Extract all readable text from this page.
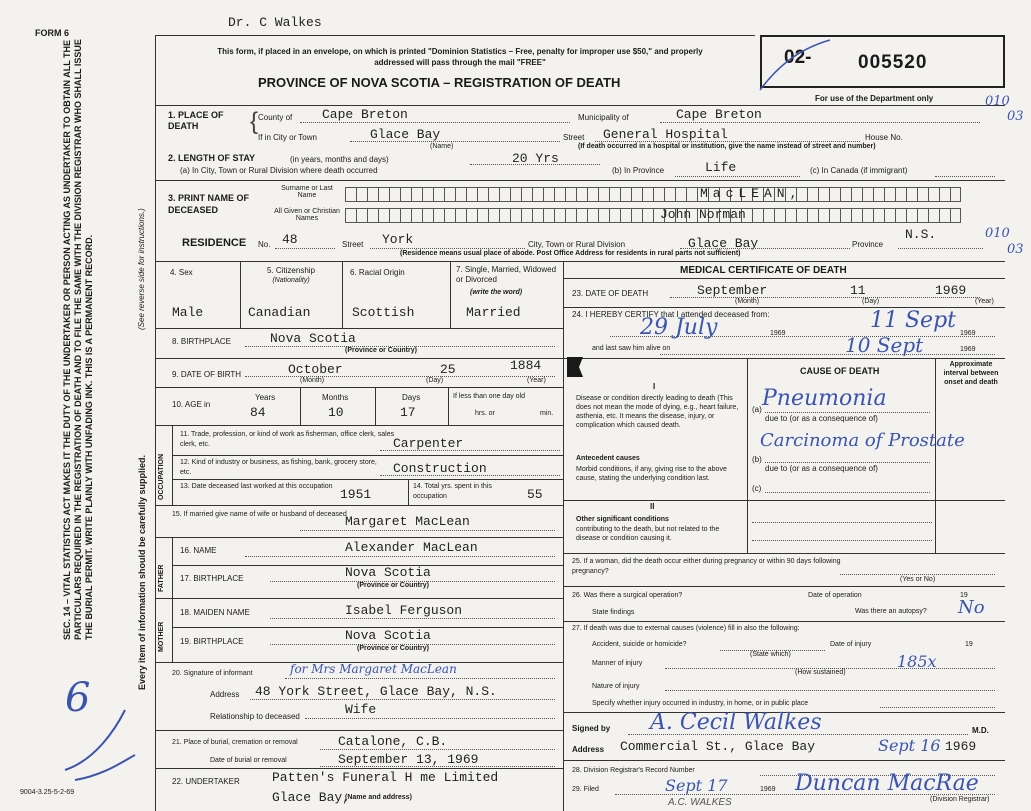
FORM 6
Dr. C Walkes
This form, if placed in an envelope, on which is printed "Dominion Statistics – Free, penalty for improper use $50," and properly addressed will pass through the mail "FREE"
PROVINCE OF NOVA SCOTIA – REGISTRATION OF DEATH
02- 005520
For use of the Department only	010
03
SEC. 14 – VITAL STATISTICS ACT MAKES IT THE DUTY OF THE UNDERTAKER OR PERSON ACTING AS UNDERTAKER TO OBTAIN ALL THE PARTICULARS REQUIRED IN THE REGISTRATION OF DEATH AND TO FILE THE SAME WITH THE DIVISION REGISTRAR WHO SHALL ISSUE THE BURIAL PERMIT. WRITE PLAINLY WITH UNFADING INK. THIS IS A PERMANENT RECORD.	Every item of information should be carefully supplied.
(See reverse side for instructions.)
6
9004-3.25-5-2-69
1. PLACE OF DEATH	{ County of Cape Breton	Municipality of	Cape Breton
If in City or Town	Glace Bay
(Name)
Street General Hospital	House No.
(If death occurred in a hospital or institution, give the name instead of street and number)
2. LENGTH OF STAY	(in years, months and days)	20 Yrs
(a) In City, Town or Rural Division where death occurred	(b) In Province	Life	(c) In Canada (if immigrant)
3. PRINT NAME OF DECEASED
Surname or Last Name
All Given or Christian Names
MacLEAN,
John Norman
RESIDENCE No. 48	Street York	City, Town or Rural Division	Glace Bay	Province
N.S.	010
03
(Residence means usual place of abode. Post Office Address for residents in rural parts not sufficient)
4. Sex	5. Citizenship
(Nationality)
6. Racial Origin	7. Single, Married, Widowed or Divorced
(write the word)
Male	Canadian	Scottish	Married
8. BIRTHPLACE	Nova Scotia
(Province or Country)
9. DATE OF BIRTH	October	25	1884
(Month)	(Day)	(Year)
10. AGE in
Years	Months	Days
84	10	17
If less than one day old
hrs. or	min.
OCCUPATION
11. Trade, profession, or kind of work as fisherman, office clerk, sales clerk, etc.	Carpenter
12. Kind of industry or business, as fishing, bank, grocery store, etc.	Construction
13. Date deceased last worked at this occupation
1951
14. Total yrs. spent in this occupation	55
15. If married give name of wife or husband of deceased
Margaret MacLean
FATHER
16. NAME	Alexander MacLean
17. BIRTHPLACE	Nova Scotia
(Province or Country)
MOTHER
18. MAIDEN NAME	Isabel Ferguson
19. BIRTHPLACE	Nova Scotia
(Province or Country)
20. Signature of informant	for Mrs Margaret MacLean
Address 48 York Street, Glace Bay, N.S.
Wife
Relationship to deceased
21. Place of burial, cremation or removal	Catalone, C.B.
Date of burial or removal	September 13, 1969
22. UNDERTAKER Patten's Funeral H me Limited
Glace Bay,
(Name and address)
MEDICAL CERTIFICATE OF DEATH
23. DATE OF DEATH	September	11	1969
(Month)	(Day)	(Year)
24. I HEREBY CERTIFY that I attended deceased from:
29 July	1969
11 Sept
1969
and last saw him alive on	10 Sept	1969
CAUSE OF DEATH
Approximate interval between onset and death
I
Disease or condition directly leading to death (This does not mean the mode of dying, e.g., heart failure, asthenia, etc. It means the disease, injury, or complication which caused death.
(a) Pneumonia
due to (or as a consequence of)
Antecedent causes
Morbid conditions, if any, giving rise to the above cause, stating the underlying condition last.
Carcinoma of Prostate
(b)
due to (or as a consequence of)
(c)
II
Other significant conditions
contributing to the death, but not related to the disease or condition causing it.
25. If a woman, did the death occur either during pregnancy or within 90 days following pregnancy?
(Yes or No)
26. Was there a surgical operation?	Date of operation	19
State findings	Was there an autopsy? No
27. If death was due to external causes (violence) fill in also the following:
Accident, suicide or homicide?
(State which)
Date of injury	19
Manner of injury	185x
(How sustained)
Nature of injury
Specify whether injury occurred in industry, in home, or in public place
Signed by A. Cecil Walkes	M.D.
Address Commercial St., Glace Bay	Sept 16 1969
28. Division Registrar's Record Number
29. Filed	Sept 17	1969 Duncan MacRae
(Division Registrar)
A.C. WALKES
